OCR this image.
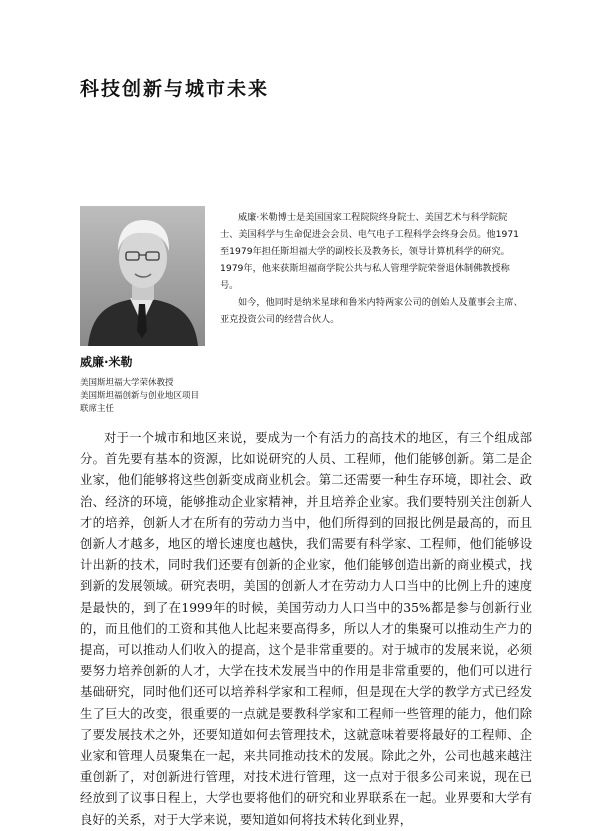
科技创新与城市未来

威廉·米勒博士是美国国家工程院院终身院士、美国艺术与科学院院士、美国科学与生命促进会会员、电气电子工程科学会终身会员。他1971至1979年担任斯坦福大学的副校长及教务长，领导计算机科学的研究。1979年，他来获斯坦福商学院公共与私人管理学院荣誉退休制佛教授称号。

如今，他同时是纳米星球和鲁米内特两家公司的创始人及董事会主席、亚克投资公司的经营合伙人。

威廉·米勒
美国斯坦福大学荣休教授
美国斯坦福创新与创业地区项目
联席主任

对于一个城市和地区来说，要成为一个有活力的高技术的地区，有三个组成部分。首先要有基本的资源，比如说研究的人员、工程师，他们能够创新。第二是企业家，他们能够将这些创新变成商业机会。第二还需要一种生存环境，即社会、政治、经济的环境，能够推动企业家精神，并且培养企业家。我们要特别关注创新人才的培养，创新人才在所有的劳动力当中，他们所得到的回报比例是最高的，而且创新人才越多，地区的增长速度也越快，我们需要有科学家、工程师，他们能够设计出新的技术，同时我们还要有创新的企业家，他们能够创造出新的商业模式，找到新的发展领域。研究表明，美国的创新人才在劳动力人口当中的比例上升的速度是最快的，到了在1999年的时候，美国劳动力人口当中的35%都是参与创新行业的，而且他们的工资和其他人比起来要高得多，所以人才的集聚可以推动生产力的提高，可以推动人们收入的提高，这个是非常重要的。对于城市的发展来说，必须要努力培养创新的人才，大学在技术发展当中的作用是非常重要的，他们可以进行基础研究，同时他们还可以培养科学家和工程师，但是现在大学的教学方式已经发生了巨大的改变，很重要的一点就是要教科学家和工程师一些管理的能力，他们除了要发展技术之外，还要知道如何去管理技术，这就意味着要将最好的工程师、企业家和管理人员聚集在一起，来共同推动技术的发展。除此之外，公司也越来越注重创新了，对创新进行管理，对技术进行管理，这一点对于很多公司来说，现在已经放到了议事日程上，大学也要将他们的研究和业界联系在一起。业界要和大学有良好的关系，对于大学来说，要知道如何将技术转化到业界，
